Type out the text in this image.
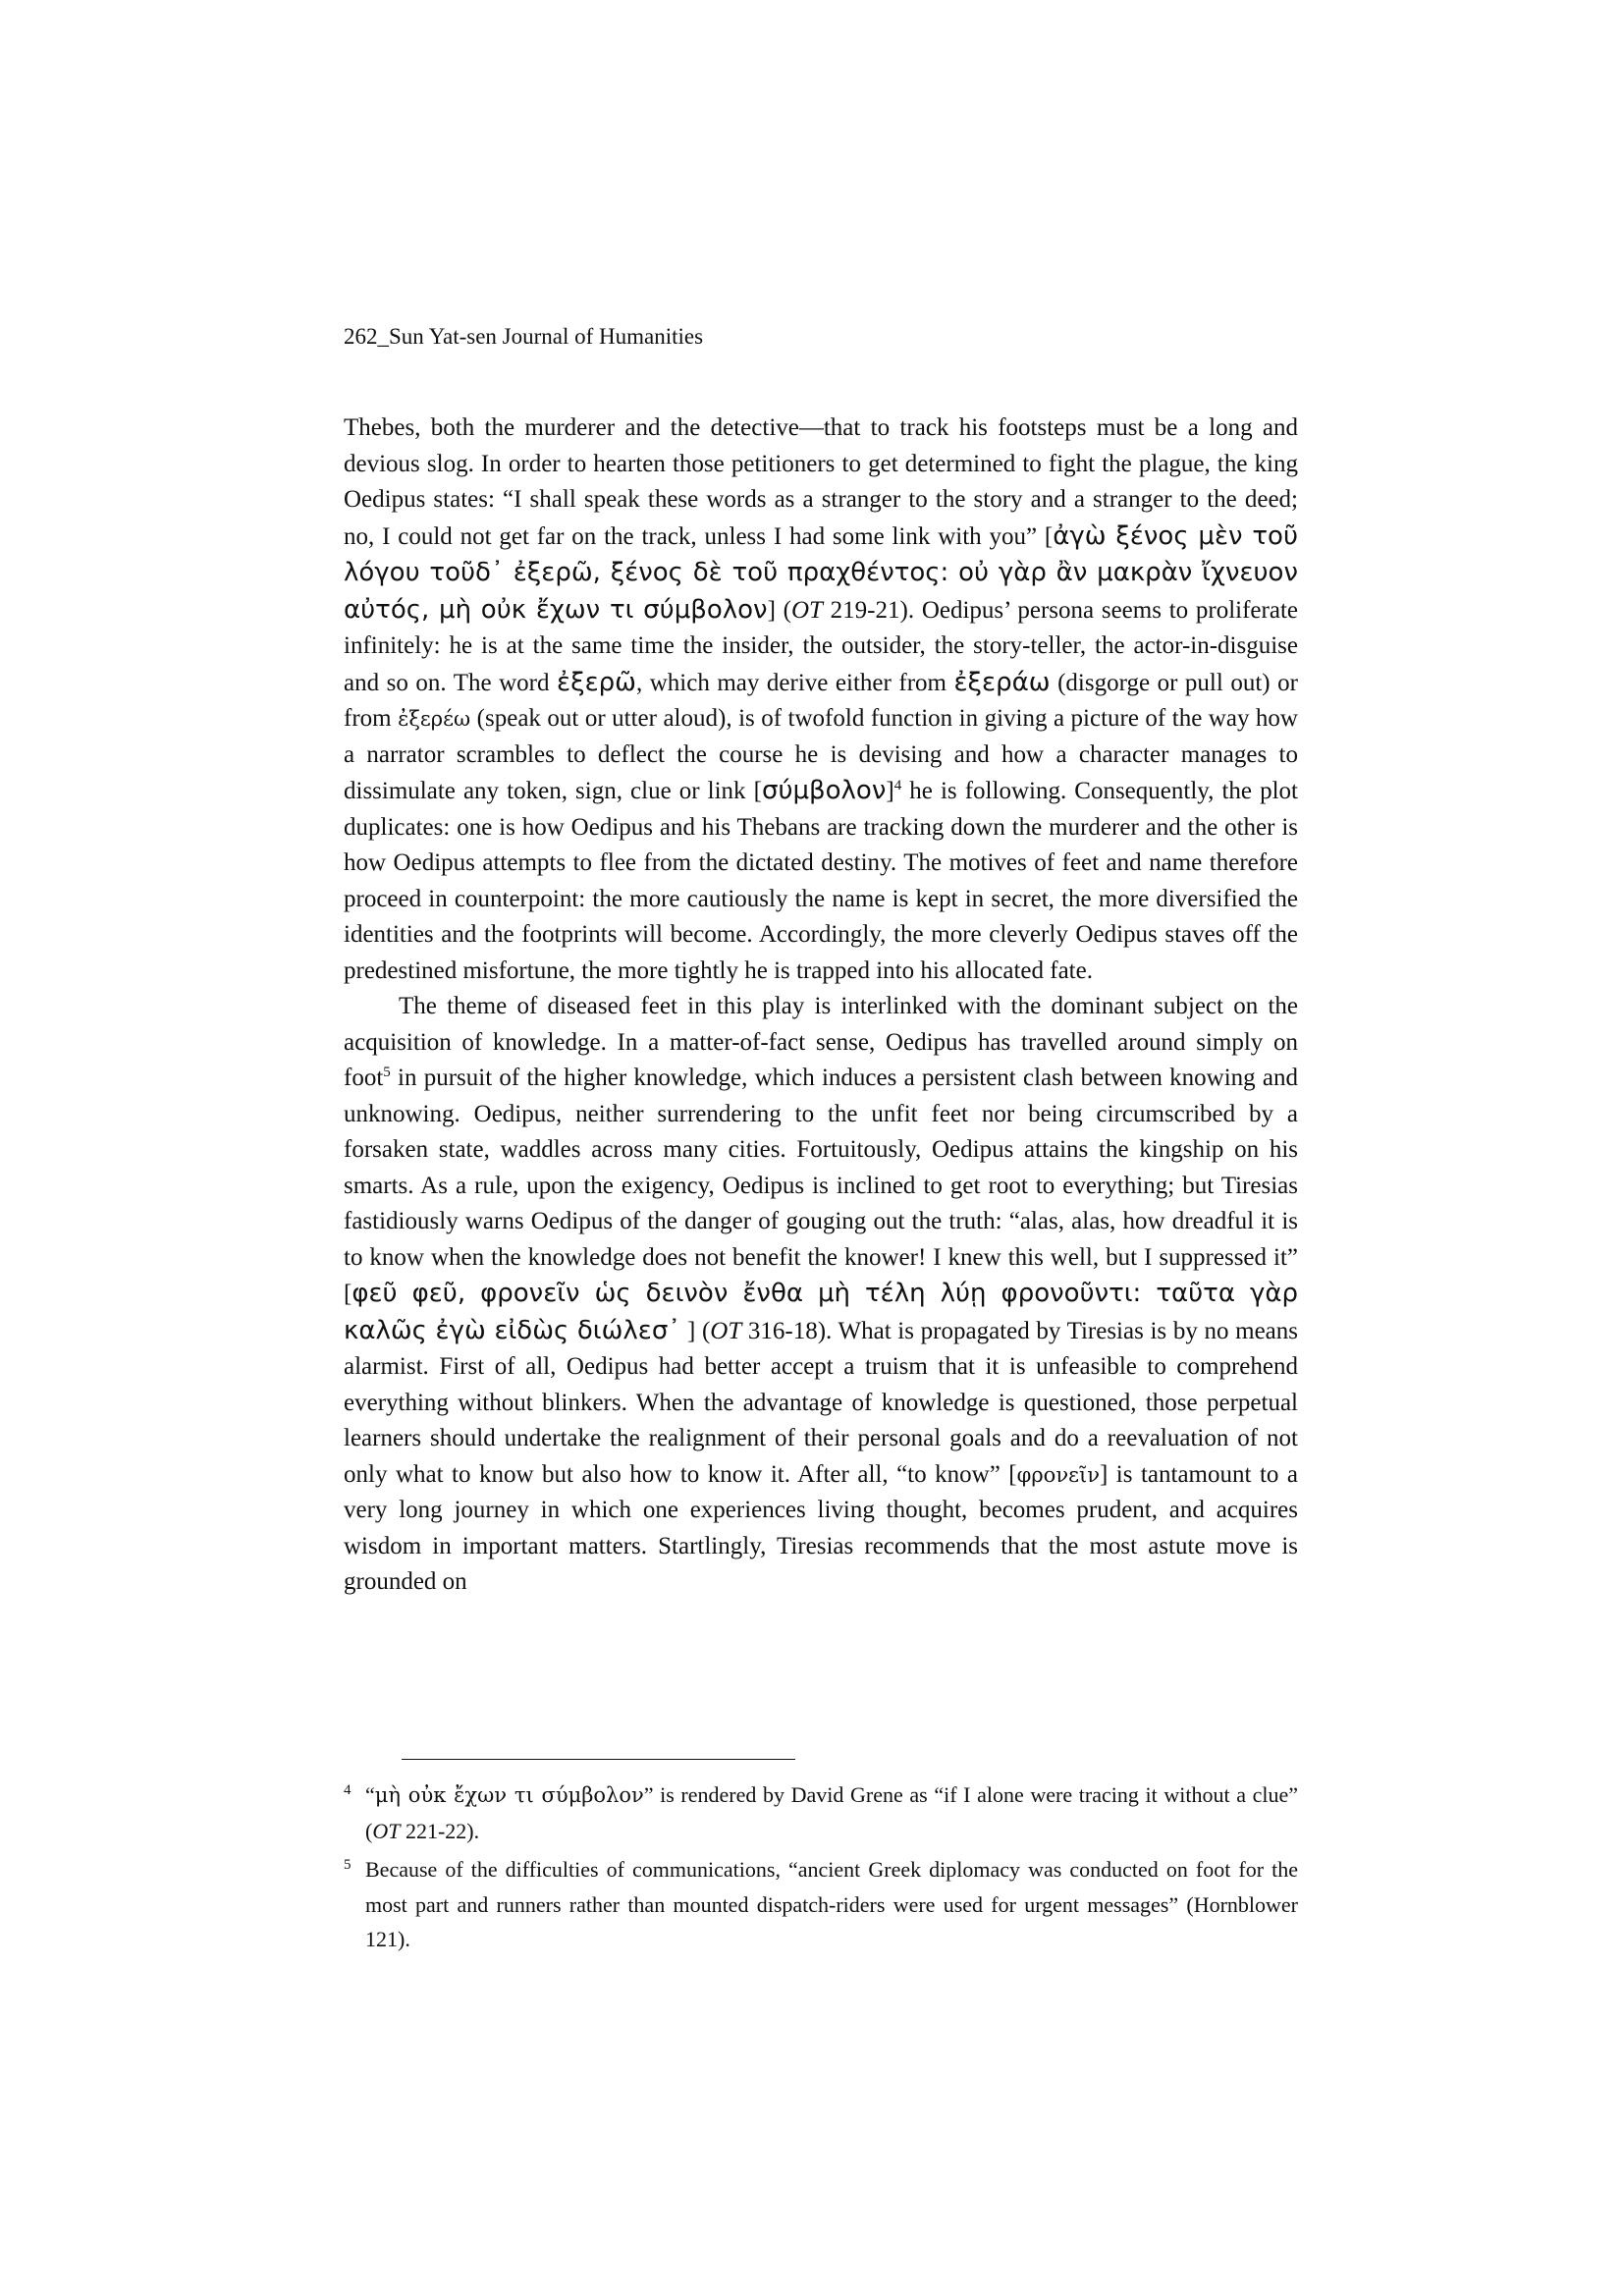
262_Sun Yat-sen Journal of Humanities

Thebes, both the murderer and the detective—that to track his footsteps must be a long and devious slog. In order to hearten those petitioners to get determined to fight the plague, the king Oedipus states: “I shall speak these words as a stranger to the story and a stranger to the deed; no, I could not get far on the track, unless I had some link with you” [ἀγὼ ξένος μὲν τοῦ λόγου τοῦδ᾽ ἐξερῶ, ξένος δὲ τοῦ πραχθέντος: οὐ γὰρ ἂν μακρὰν ἴχνευον αὐτός, μὴ οὐκ ἔχων τι σύμβολον] (OT 219-21). Oedipus’ persona seems to proliferate infinitely: he is at the same time the insider, the outsider, the story-teller, the actor-in-disguise and so on. The word ἐξερῶ, which may derive either from ἐξεράω (disgorge or pull out) or from ἐξερέω (speak out or utter aloud), is of twofold function in giving a picture of the way how a narrator scrambles to deflect the course he is devising and how a character manages to dissimulate any token, sign, clue or link $[\sigma ύ\mu\beta o\lambda o\nu]^4$ he is following. Consequently, the plot duplicates: one is how Oedipus and his Thebans are tracking down the murderer and the other is how Oedipus attempts to flee from the dictated destiny. The motives of feet and name therefore proceed in counterpoint: the more cautiously the name is kept in secret, the more diversified the identities and the footprints will become. Accordingly, the more cleverly Oedipus staves off the predestined misfortune, the more tightly he is trapped into his allocated fate.

The theme of diseased feet in this play is interlinked with the dominant subject on the acquisition of knowledge. In a matter-of-fact sense, Oedipus has travelled around simply on foot$^5$ in pursuit of the higher knowledge, which induces a persistent clash between knowing and unknowing. Oedipus, neither surrendering to the unfit feet nor being circumscribed by a forsaken state, waddles across many cities. Fortuitously, Oedipus attains the kingship on his smarts. As a rule, upon the exigency, Oedipus is inclined to get root to everything; but Tiresias fastidiously warns Oedipus of the danger of gouging out the truth: “alas, alas, how dreadful it is to know when the knowledge does not benefit the knower! I knew this well, but I suppressed it” [φεῦ φεῦ, φρονεῖν ὡς δεινὸν ἔνθα μὴ τέλη λύῃ φρονοῦντι: ταῦτα γὰρ καλῶς ἐγὼ εἰδὼς διώλεσ᾽ ] (OT 316-18). What is propagated by Tiresias is by no means alarmist. First of all, Oedipus had better accept a truism that it is unfeasible to comprehend everything without blinkers. When the advantage of knowledge is questioned, those perpetual learners should undertake the realignment of their personal goals and do a reevaluation of not only what to know but also how to know it. After all, “to know” [φρονεῖν] is tantamount to a very long journey in which one experiences living thought, becomes prudent, and acquires wisdom in important matters. Startlingly, Tiresias recommends that the most astute move is grounded on

4 “μὴ οὐκ ἔχων τι σύμβολον” is rendered by David Grene as “if I alone were tracing it without a clue” (OT 221-22).
5 Because of the difficulties of communications, “ancient Greek diplomacy was conducted on foot for the most part and runners rather than mounted dispatch-riders were used for urgent messages” (Hornblower 121).
